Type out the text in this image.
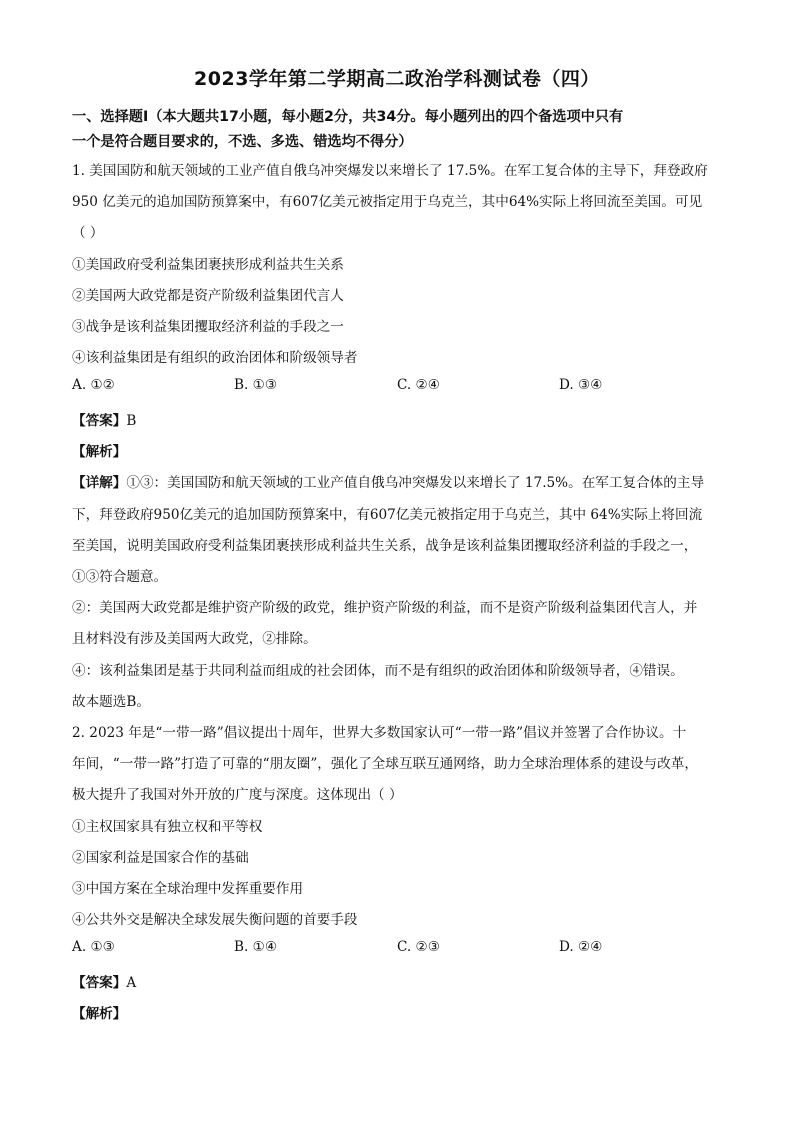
2023学年第二学期高二政治学科测试卷（四）
一、选择题Ⅰ（本大题共17小题，每小题2分，共34分。每小题列出的四个备选项中只有
一个是符合题目要求的，不选、多选、错选均不得分）
1. 美国国防和航天领域的工业产值自俄乌冲突爆发以来增长了 17.5%。在军工复合体的主导下，拜登政府
950 亿美元的追加国防预算案中，有607亿美元被指定用于乌克兰，其中64%实际上将回流至美国。可见
（ ）
①美国政府受利益集团裹挟形成利益共生关系
②美国两大政党都是资产阶级利益集团代言人
③战争是该利益集团攫取经济利益的手段之一
④该利益集团是有组织的政治团体和阶级领导者
A. ①②	B. ①③	C. ②④	D. ③④
【答案】B
【解析】
【详解】①③：美国国防和航天领域的工业产值自俄乌冲突爆发以来增长了 17.5%。在军工复合体的主导
下，拜登政府950亿美元的追加国防预算案中，有607亿美元被指定用于乌克兰，其中 64%实际上将回流
至美国，说明美国政府受利益集团裹挟形成利益共生关系，战争是该利益集团攫取经济利益的手段之一，
①③符合题意。
②：美国两大政党都是维护资产阶级的政党，维护资产阶级的利益，而不是资产阶级利益集团代言人，并
且材料没有涉及美国两大政党，②排除。
④：该利益集团是基于共同利益而组成的社会团体，而不是有组织的政治团体和阶级领导者，④错误。
故本题选B。
2. 2023 年是“一带一路”倡议提出十周年，世界大多数国家认可“一带一路”倡议并签署了合作协议。十
年间，“一带一路”打造了可靠的“朋友圈”，强化了全球互联互通网络，助力全球治理体系的建设与改革，
极大提升了我国对外开放的广度与深度。这体现出（ ）
①主权国家具有独立权和平等权
②国家利益是国家合作的基础
③中国方案在全球治理中发挥重要作用
④公共外交是解决全球发展失衡问题的首要手段
A. ①③	B. ①④	C. ②③	D. ②④
【答案】A
【解析】
